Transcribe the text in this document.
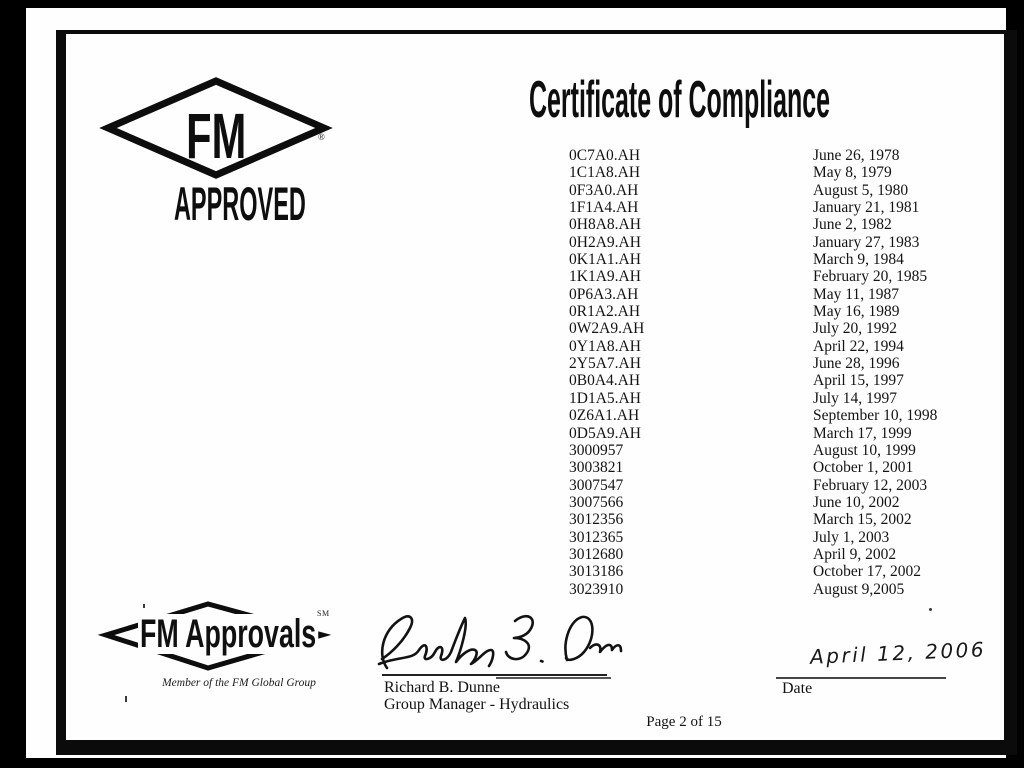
Certificate of Compliance
FM	®
APPROVED
0C7A0.AH	June 26, 1978
1C1A8.AH	May 8, 1979
0F3A0.AH	August 5, 1980
1F1A4.AH	January 21, 1981
0H8A8.AH	June 2, 1982
0H2A9.AH	January 27, 1983
0K1A1.AH	March 9, 1984
1K1A9.AH	February 20, 1985
0P6A3.AH	May 11, 1987
0R1A2.AH	May 16, 1989
0W2A9.AH	July 20, 1992
0Y1A8.AH	April 22, 1994
2Y5A7.AH	June 28, 1996
0B0A4.AH	April 15, 1997
1D1A5.AH	July 14, 1997
0Z6A1.AH	September 10, 1998
0D5A9.AH	March 17, 1999
3000957	August 10, 1999
3003821	October 1, 2001
3007547	February 12, 2003
3007566	June 10, 2002
3012356	March 15, 2002
3012365	July 1, 2003
3012680	April 9, 2002
3013186	October 17, 2002
3023910	August 9,2005
FM Approvals SM
Member of the FM Global Group	Richard B. Dunne
Group Manager - Hydraulics
April 12, 2006
Date
Page 2 of 15
